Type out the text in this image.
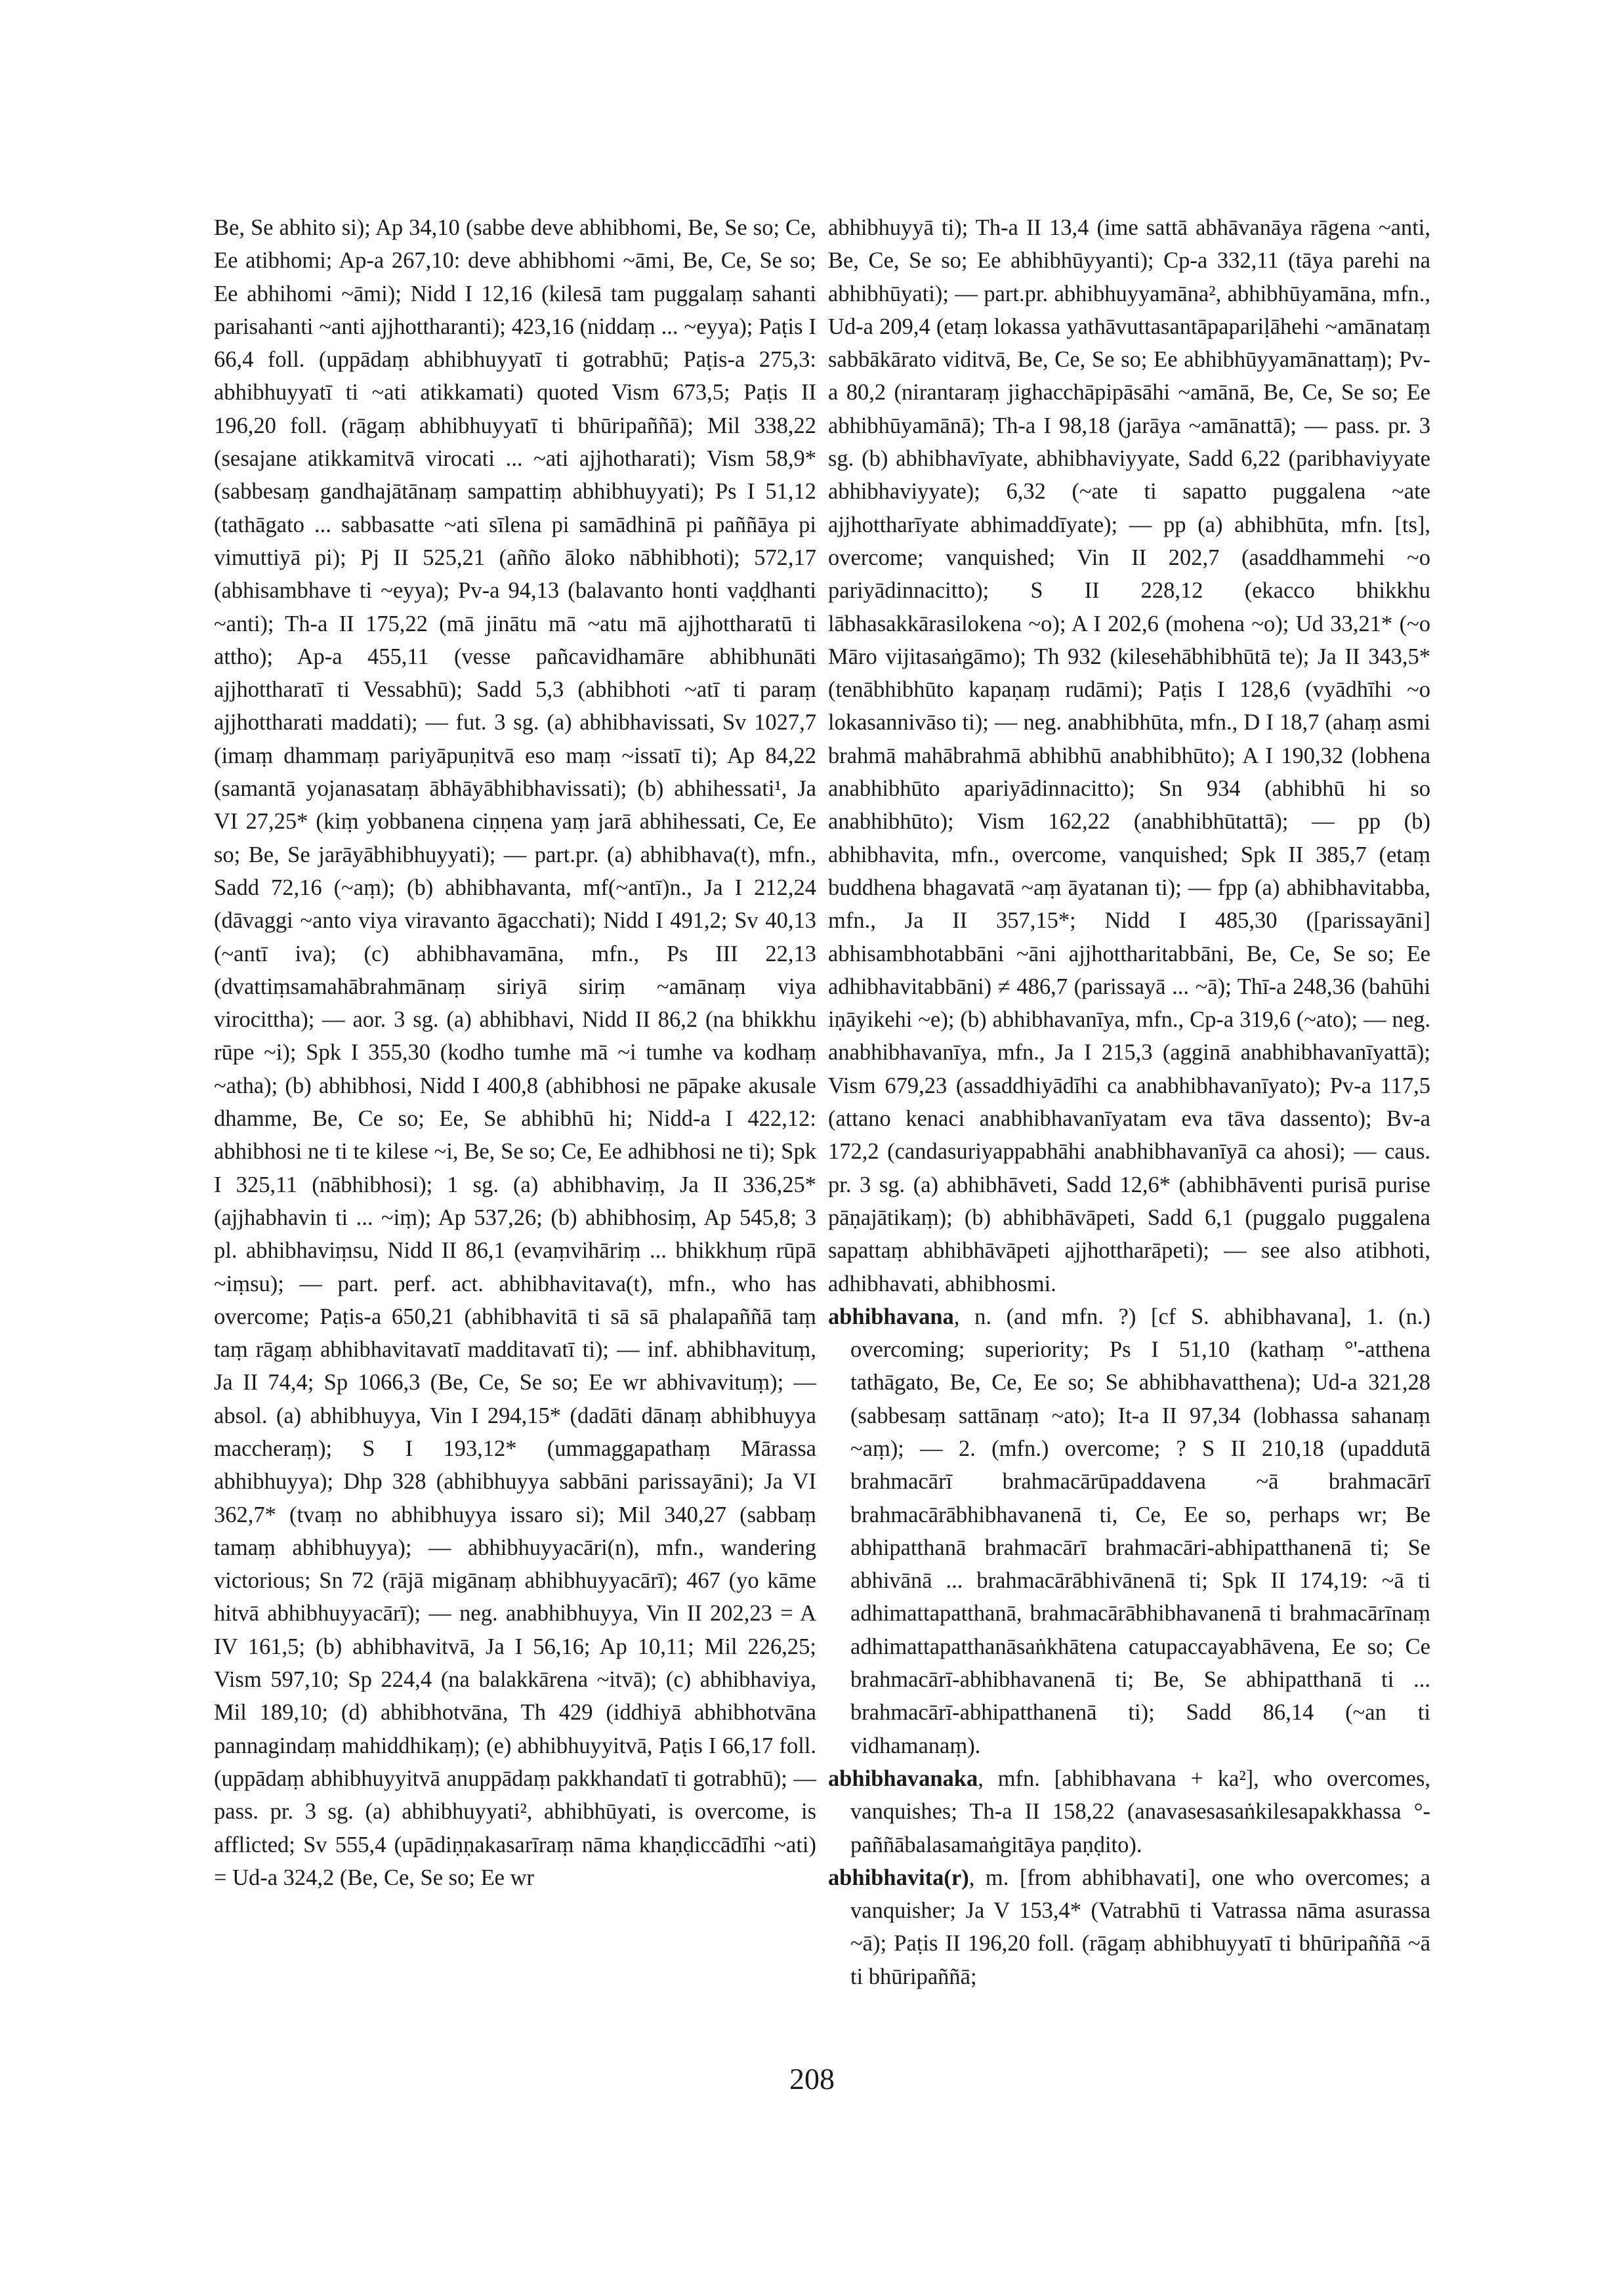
Be, Se abhito si); Ap 34,10 (sabbe deve abhibhomi, Be, Se so; Ce, Ee atibhomi; Ap-a 267,10: deve abhibhomi ~āmi, Be, Ce, Se so; Ee abhihomi ~āmi); Nidd I 12,16 (kilesā tam puggalaṃ sahanti parisahanti ~anti ajjhottharanti); 423,16 (niddaṃ ... ~eyya); Paṭis I 66,4 foll. (uppādaṃ abhibhuyyatī ti gotrabhū; Paṭis-a 275,3: abhibhuyyatī ti ~ati atikkamati) quoted Vism 673,5; Paṭis II 196,20 foll. (rāgaṃ abhibhuyyatī ti bhūripaññā); Mil 338,22 (sesajane atikkamitvā virocati ... ~ati ajjhotharati); Vism 58,9* (sabbesaṃ gandhajātānaṃ sampattiṃ abhibhuyyati); Ps I 51,12 (tathāgato ... sabbasatte ~ati sīlena pi samādhinā pi paññāya pi vimuttiyā pi); Pj II 525,21 (añño āloko nābhibhoti); 572,17 (abhisambhave ti ~eyya); Pv-a 94,13 (balavanto honti vaḍḍhanti ~anti); Th-a II 175,22 (mā jinātu mā ~atu mā ajjhottharatū ti attho); Ap-a 455,11 (vesse pañcavidhamāre abhibhunāti ajjhottharatī ti Vessabhū); Sadd 5,3 (abhibhoti ~atī ti paraṃ ajjhottharati maddati); — fut. 3 sg. (a) abhibhavissati, Sv 1027,7 (imaṃ dhammaṃ pariyāpuṇitvā eso maṃ ~issatī ti); Ap 84,22 (samantā yojanasataṃ ābhāyābhibhavissati); (b) abhihessati¹, Ja VI 27,25* (kiṃ yobbanena ciṇṇena yaṃ jarā abhihessati, Ce, Ee so; Be, Se jarāyābhibhuyyati); — part.pr. (a) abhibhava(t), mfn., Sadd 72,16 (~aṃ); (b) abhibhavanta, mf(~antī)n., Ja I 212,24 (dāvaggi ~anto viya viravanto āgacchati); Nidd I 491,2; Sv 40,13 (~antī iva); (c) abhibhavamāna, mfn., Ps III 22,13 (dvattiṃsamahābrahmānaṃ siriyā siriṃ ~amānaṃ viya virocittha); — aor. 3 sg. (a) abhibhavi, Nidd II 86,2 (na bhikkhu rūpe ~i); Spk I 355,30 (kodho tumhe mā ~i tumhe va kodhaṃ ~atha); (b) abhibhosi, Nidd I 400,8 (abhibhosi ne pāpake akusale dhamme, Be, Ce so; Ee, Se abhibhū hi; Nidd-a I 422,12: abhibhosi ne ti te kilese ~i, Be, Se so; Ce, Ee adhibhosi ne ti); Spk I 325,11 (nābhibhosi); 1 sg. (a) abhibhaviṃ, Ja II 336,25* (ajjhabhavin ti ... ~iṃ); Ap 537,26; (b) abhibhosiṃ, Ap 545,8; 3 pl. abhibhaviṃsu, Nidd II 86,1 (evaṃvihāriṃ ... bhikkhuṃ rūpā ~iṃsu); — part. perf. act. abhibhavitava(t), mfn., who has overcome; Paṭis-a 650,21 (abhibhavitā ti sā sā phalapaññā taṃ taṃ rāgaṃ abhibhavitavatī madditavatī ti); — inf. abhibhavituṃ, Ja II 74,4; Sp 1066,3 (Be, Ce, Se so; Ee wr abhivavituṃ); — absol. (a) abhibhuyya, Vin I 294,15* (dadāti dānaṃ abhibhuyya maccheraṃ); S I 193,12* (ummaggapathaṃ Mārassa abhibhuyya); Dhp 328 (abhibhuyya sabbāni parissayāni); Ja VI 362,7* (tvaṃ no abhibhuyya issaro si); Mil 340,27 (sabbaṃ tamaṃ abhibhuyya); — abhibhuyyacāri(n), mfn., wandering victorious; Sn 72 (rājā migānaṃ abhibhuyyacārī); 467 (yo kāme hitvā abhibhuyyacārī); — neg. anabhibhuyya, Vin II 202,23 = A IV 161,5; (b) abhibhavitvā, Ja I 56,16; Ap 10,11; Mil 226,25; Vism 597,10; Sp 224,4 (na balakkārena ~itvā); (c) abhibhaviya, Mil 189,10; (d) abhibhotvāna, Th 429 (iddhiyā abhibhotvāna pannagindaṃ mahiddhikaṃ); (e) abhibhuyyitvā, Paṭis I 66,17 foll. (uppādaṃ abhibhuyyitvā anuppādaṃ pakkhandatī ti gotrabhū); — pass. pr. 3 sg. (a) abhibhuyyati², abhibhūyati, is overcome, is afflicted; Sv 555,4 (upādiṇṇakasarīraṃ nāma khaṇḍiccādīhi ~ati) = Ud-a 324,2 (Be, Ce, Se so; Ee wr

abhibhuyyā ti); Th-a II 13,4 (ime sattā abhāvanāya rāgena ~anti, Be, Ce, Se so; Ee abhibhūyyanti); Cp-a 332,11 (tāya parehi na abhibhūyati); — part.pr. abhibhuyyamāna², abhibhūyamāna, mfn., Ud-a 209,4 (etaṃ lokassa yathāvuttasantāpapariḷāhehi ~amānataṃ sabbākārato viditvā, Be, Ce, Se so; Ee abhibhūyyamānattaṃ); Pv-a 80,2 (nirantaraṃ jighacchāpipāsāhi ~amānā, Be, Ce, Se so; Ee abhibhūyamānā); Th-a I 98,18 (jarāya ~amānattā); — pass. pr. 3 sg. (b) abhibhavīyate, abhibhaviyyate, Sadd 6,22 (paribhaviyyate abhibhaviyyate); 6,32 (~ate ti sapatto puggalena ~ate ajjhottharīyate abhimaddīyate); — pp (a) abhibhūta, mfn. [ts], overcome; vanquished; Vin II 202,7 (asaddhammehi ~o pariyādinnacitto); S II 228,12 (ekacco bhikkhu lābhasakkārasilokena ~o); A I 202,6 (mohena ~o); Ud 33,21* (~o Māro vijitasaṅgāmo); Th 932 (kilesehābhibhūtā te); Ja II 343,5* (tenābhibhūto kapaṇaṃ rudāmi); Paṭis I 128,6 (vyādhīhi ~o lokasannivāso ti); — neg. anabhibhūta, mfn., D I 18,7 (ahaṃ asmi brahmā mahābrahmā abhibhū anabhibhūto); A I 190,32 (lobhena anabhibhūto apariyādinnacitto); Sn 934 (abhibhū hi so anabhibhūto); Vism 162,22 (anabhibhūtattā); — pp (b) abhibhavita, mfn., overcome, vanquished; Spk II 385,7 (etaṃ buddhena bhagavatā ~aṃ āyatanan ti); — fpp (a) abhibhavitabba, mfn., Ja II 357,15*; Nidd I 485,30 ([parissayāni] abhisambhotabbāni ~āni ajjhottharitabbāni, Be, Ce, Se so; Ee adhibhavitabbāni) ≠ 486,7 (parissayā ... ~ā); Thī-a 248,36 (bahūhi iṇāyikehi ~e); (b) abhibhavanīya, mfn., Cp-a 319,6 (~ato); — neg. anabhibhavanīya, mfn., Ja I 215,3 (agginā anabhibhavanīyattā); Vism 679,23 (assaddhiyādīhi ca anabhibhavanīyato); Pv-a 117,5 (attano kenaci anabhibhavanīyatam eva tāva dassento); Bv-a 172,2 (candasuriyappabhāhi anabhibhavanīyā ca ahosi); — caus. pr. 3 sg. (a) abhibhāveti, Sadd 12,6* (abhibhāventi purisā purise pāṇajātikaṃ); (b) abhibhāvāpeti, Sadd 6,1 (puggalo puggalena sapattaṃ abhibhāvāpeti ajjhottharāpeti); — see also atibhoti, adhibhavati, abhibhosmi.

abhibhavana, n. (and mfn. ?) [cf S. abhibhavana], 1. (n.) overcoming; superiority; Ps I 51,10 (kathaṃ °'-atthena tathāgato, Be, Ce, Ee so; Se abhibhavatthena); Ud-a 321,28 (sabbesaṃ sattānaṃ ~ato); It-a II 97,34 (lobhassa sahanaṃ ~aṃ); — 2. (mfn.) overcome; ? S II 210,18 (upaddutā brahmacārī brahmacārūpaddavena ~ā brahmacārī brahmacārābhibhavanenā ti, Ce, Ee so, perhaps wr; Be abhipatthanā brahmacārī brahmacāri-abhipatthanenā ti; Se abhivānā ... brahmacārābhivānenā ti; Spk II 174,19: ~ā ti adhimattapatthanā, brahmacārābhibhavanenā ti brahmacārīnaṃ adhimattapatthanāsaṅkhātena catupaccayabhāvena, Ee so; Ce brahmacārī-abhibhavanenā ti; Be, Se abhipatthanā ti ... brahmacārī-abhipatthanenā ti); Sadd 86,14 (~an ti vidhamanaṃ).

abhibhavanaka, mfn. [abhibhavana + ka²], who overcomes, vanquishes; Th-a II 158,22 (anavasesasaṅkilesapakkhassa °-paññābalasamaṅgitāya paṇḍito).

abhibhavita(r), m. [from abhibhavati], one who overcomes; a vanquisher; Ja V 153,4* (Vatrabhū ti Vatrassa nāma asurassa ~ā); Paṭis II 196,20 foll. (rāgaṃ abhibhuyyatī ti bhūripaññā ~ā ti bhūripaññā;

208
